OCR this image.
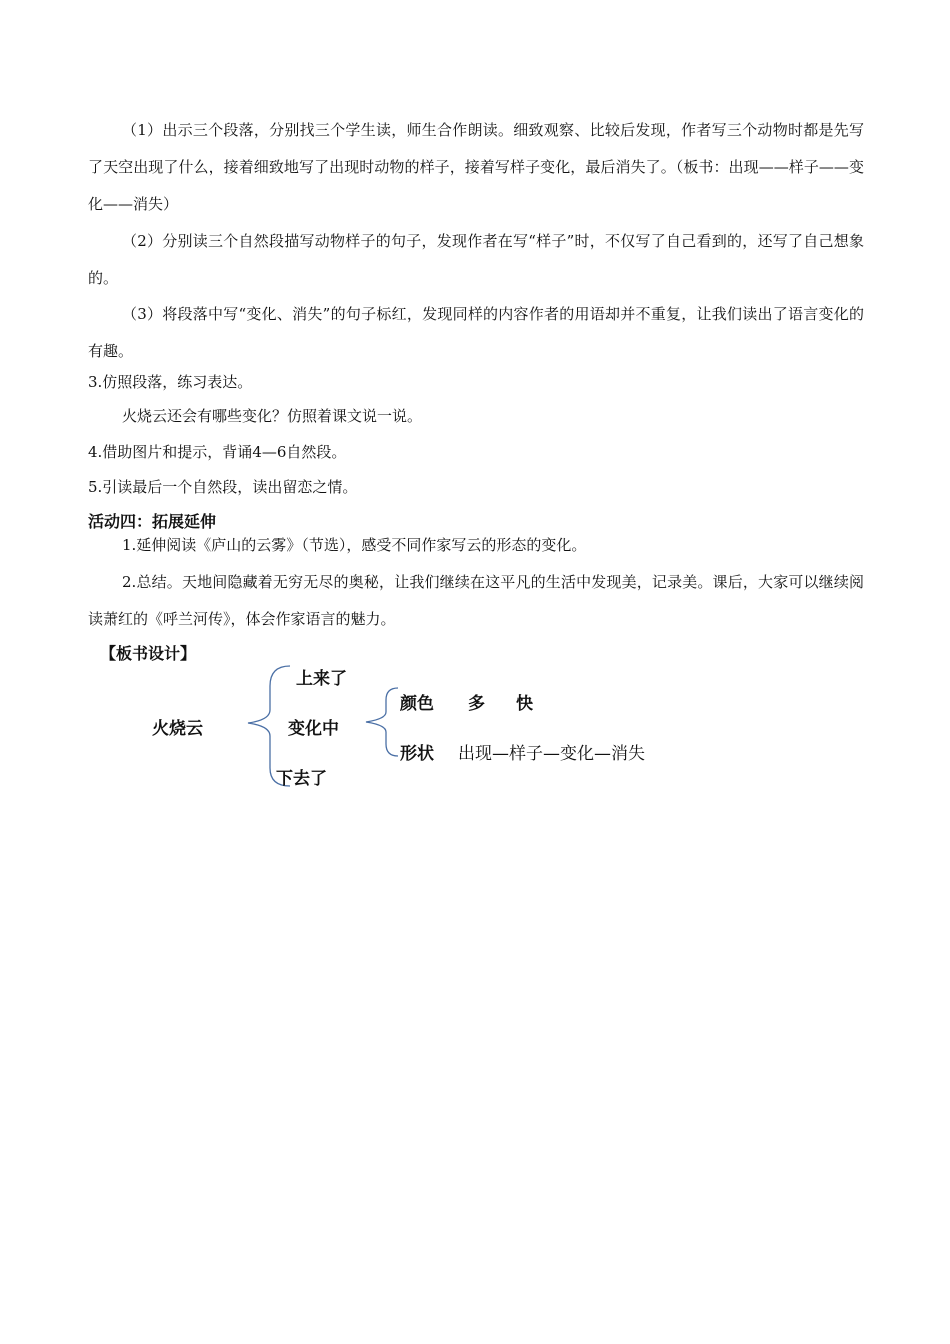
（1）出示三个段落，分别找三个学生读，师生合作朗读。细致观察、比较后发现，作者写三个动物时都是先写了天空出现了什么，接着细致地写了出现时动物的样子，接着写样子变化，最后消失了。（板书：出现——样子——变化——消失）

（2）分别读三个自然段描写动物样子的句子，发现作者在写“样子”时，不仅写了自己看到的，还写了自己想象的。

（3）将段落中写“变化、消失”的句子标红，发现同样的内容作者的用语却并不重复，让我们读出了语言变化的有趣。

3.仿照段落，练习表达。

火烧云还会有哪些变化？仿照着课文说一说。

4.借助图片和提示，背诵4—6自然段。

5.引读最后一个自然段，读出留恋之情。

活动四：拓展延伸

1.延伸阅读《庐山的云雾》（节选），感受不同作家写云的形态的变化。

2.总结。天地间隐藏着无穷无尽的奥秘，让我们继续在这平凡的生活中发现美，记录美。课后，大家可以继续阅读萧红的《呼兰河传》，体会作家语言的魅力。

【板书设计】

火烧云
上来了
变化中
下去了
颜色 多 快
形状 出现—样子—变化—消失
